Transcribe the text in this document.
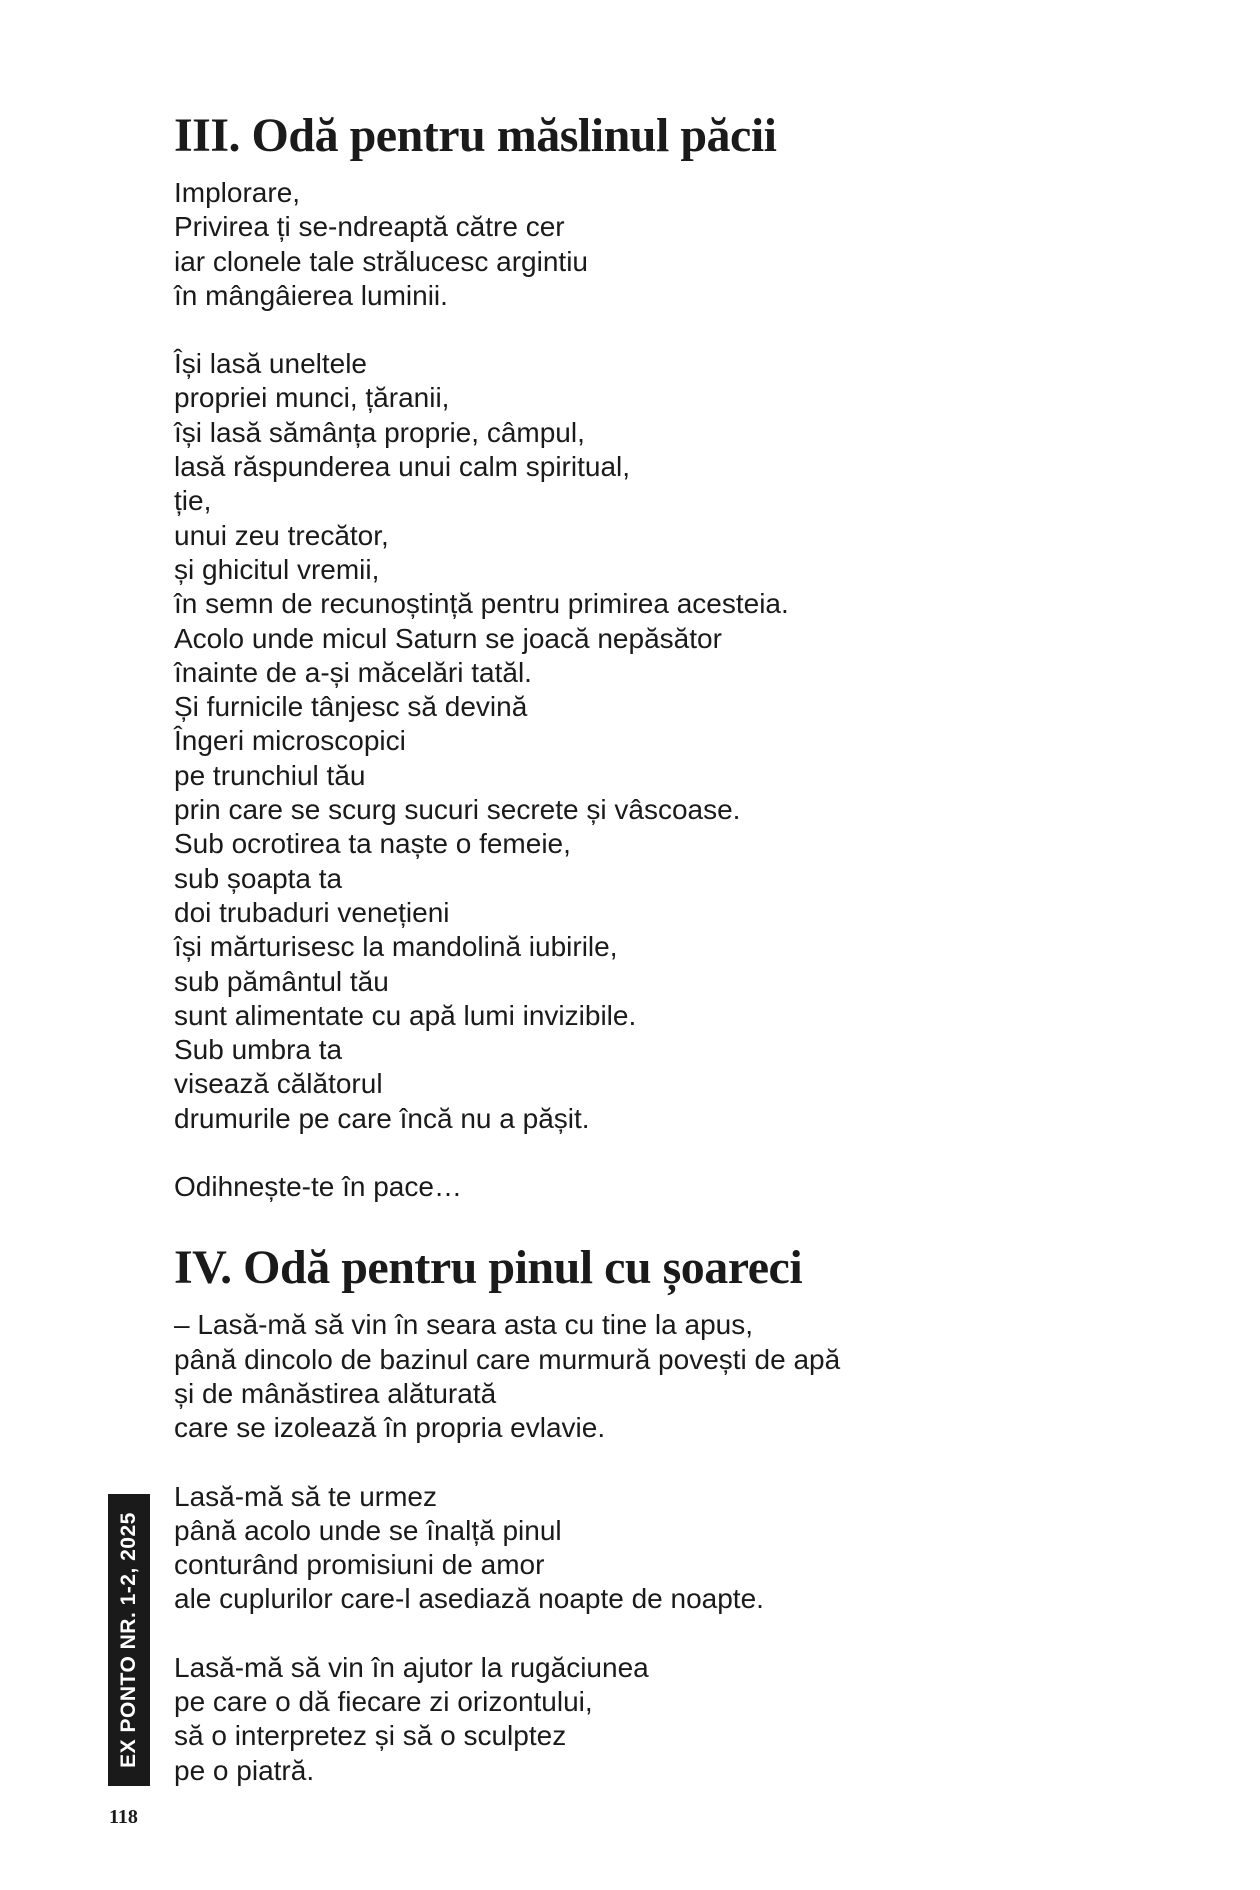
III. Odă pentru măslinul păcii
Implorare,
Privirea ți se-ndreaptă către cer
iar clonele tale strălucesc argintiu
în mângâierea luminii.
Își lasă uneltele
propriei munci, țăranii,
își lasă sămânța proprie, câmpul,
lasă răspunderea unui calm spiritual,
ție,
unui zeu trecător,
și ghicitul vremii,
în semn de recunoștință pentru primirea acesteia.
Acolo unde micul Saturn se joacă nepăsător
înainte de a-și măcelări tatăl.
Și furnicile tânjesc să devină
Îngeri microscopici
pe trunchiul tău
prin care se scurg sucuri secrete și vâscoase.
Sub ocrotirea ta naște o femeie,
sub șoapta ta
doi trubaduri venețieni
își mărturisesc la mandolină iubirile,
sub pământul tău
sunt alimentate cu apă lumi invizibile.
Sub umbra ta
visează călătorul
drumurile pe care încă nu a pășit.
Odihnește-te în pace…
IV. Odă pentru pinul cu șoareci
– Lasă-mă să vin în seara asta cu tine la apus,
până dincolo de bazinul care murmură povești de apă
și de mânăstirea alăturată
care se izolează în propria evlavie.
Lasă-mă să te urmez
până acolo unde se înalță pinul
conturând promisiuni de amor
ale cuplurilor care-l asediază noapte de noapte.
Lasă-mă să vin în ajutor la rugăciunea
pe care o dă fiecare zi orizontului,
să o interpretez și să o sculptez
pe o piatră.
EX PONTO NR. 1-2, 2025
118
